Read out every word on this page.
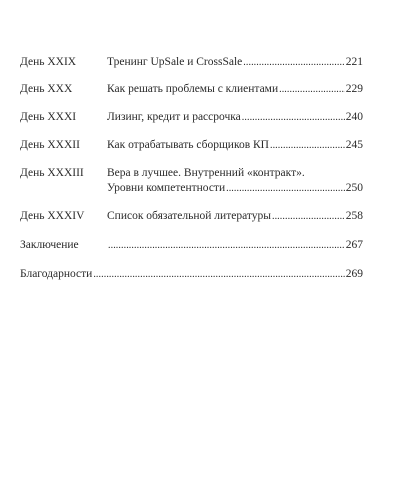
День XXIX	Тренинг UpSale и CrossSale . . .	221
День XXX	Как решать проблемы с клиентами . . .	229
День XXXI	Лизинг, кредит и рассрочка . . .	240
День XXXII Как отрабатывать сборщиков КП . . .	245
День XXXIII Вера в лучшее. Внутренний «контракт».
Уровни компетентности . . .	250
День XXXIV Список обязательной литературы . . .	258
Заключение . . .	267
Благодарности . . .	269
